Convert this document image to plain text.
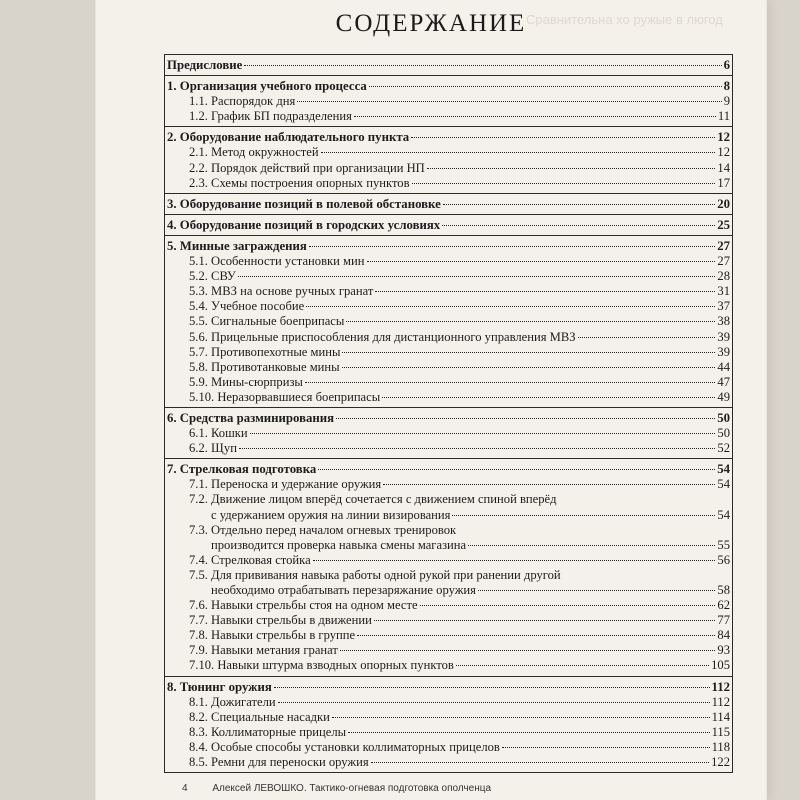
Сравнительна хо ружые в люгод
СОДЕРЖАНИЕ
Предисловие	6
1. Организация учебного процесса	8
1.1. Распорядок дня	9
1.2. График БП подразделения	11
2. Оборудование наблюдательного пункта	12
2.1. Метод окружностей	12
2.2. Порядок действий при организации НП	14
2.3. Схемы построения опорных пунктов	17
3. Оборудование позиций в полевой обстановке	20
4. Оборудование позиций в городских условиях	25
5. Минные заграждения	27
5.1. Особенности установки мин	27
5.2. СВУ	28
5.3. МВЗ на основе ручных гранат	31
5.4. Учебное пособие	37
5.5. Сигнальные боеприпасы	38
5.6. Прицельные приспособления для дистанционного управления МВЗ	39
5.7. Противопехотные мины	39
5.8. Противотанковые мины	44
5.9. Мины-сюрпризы	47
5.10. Неразорвавшиеся боеприпасы	49
6. Средства разминирования	50
6.1. Кошки	50
6.2. Щуп	52
7. Стрелковая подготовка	54
7.1. Переноска и удержание оружия	54
7.2. Движение лицом вперёд сочетается с движением спиной вперёд
с удержанием оружия на линии визирования	54
7.3. Отдельно перед началом огневых тренировок
производится проверка навыка смены магазина	55
7.4. Стрелковая стойка	56
7.5. Для прививания навыка работы одной рукой при ранении другой
необходимо отрабатывать перезаряжание оружия	58
7.6. Навыки стрельбы стоя на одном месте	62
7.7. Навыки стрельбы в движении	77
7.8. Навыки стрельбы в группе	84
7.9. Навыки метания гранат	93
7.10. Навыки штурма взводных опорных пунктов	105
8. Тюнинг оружия	112
8.1. Дожигатели	112
8.2. Специальные насадки	114
8.3. Коллиматорные прицелы	115
8.4. Особые способы установки коллиматорных прицелов	118
8.5. Ремни для переноски оружия	122
4 Алексей ЛЕВОШКО. Тактико-огневая подготовка ополченца
